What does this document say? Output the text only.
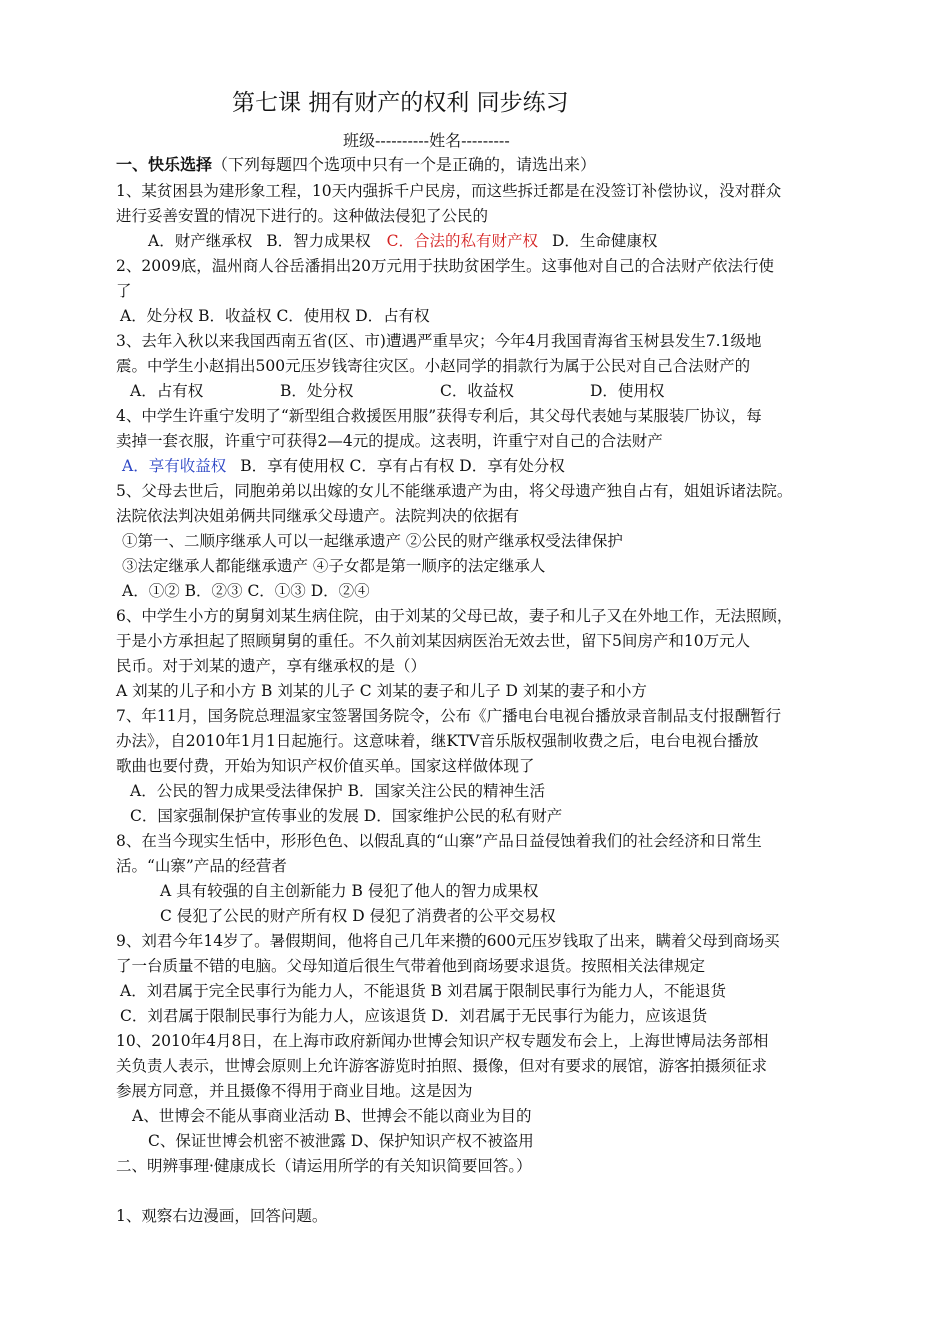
第七课 拥有财产的权利 同步练习
班级----------姓名---------
一、快乐选择（下列每题四个选项中只有一个是正确的，请选出来）
1、某贫困县为建形象工程，10天内强拆千户民房，而这些拆迁都是在没签订补偿协议，没对群众
进行妥善安置的情况下进行的。这种做法侵犯了公民的
A．财产继承权 B．智力成果权 C．合法的私有财产权 D．生命健康权
2、2009底，温州商人谷岳潘捐出20万元用于扶助贫困学生。这事他对自己的合法财产依法行使
了
A．处分权 B．收益权 C．使用权 D．占有权
3、去年入秋以来我国西南五省(区、市)遭遇严重旱灾；今年4月我国青海省玉树县发生7.1级地
震。中学生小赵捐出500元压岁钱寄往灾区。小赵同学的捐款行为属于公民对自己合法财产的
A．占有权	B．处分权	C．收益权	D．使用权
4、中学生许重宁发明了“新型组合救援医用服”获得专利后，其父母代表她与某服装厂协议，每
卖掉一套衣服，许重宁可获得2—4元的提成。这表明，许重宁对自己的合法财产
A．享有收益权 B．享有使用权 C．享有占有权 D．享有处分权
5、父母去世后，同胞弟弟以出嫁的女儿不能继承遗产为由，将父母遗产独自占有，姐姐诉诸法院。
法院依法判决姐弟俩共同继承父母遗产。法院判决的依据有
①第一、二顺序继承人可以一起继承遗产 ②公民的财产继承权受法律保护
③法定继承人都能继承遗产 ④子女都是第一顺序的法定继承人
A．①② B．②③ C．①③ D．②④
6、中学生小方的舅舅刘某生病住院，由于刘某的父母已故，妻子和儿子又在外地工作，无法照顾，
于是小方承担起了照顾舅舅的重任。不久前刘某因病医治无效去世，留下5间房产和10万元人
民币。对于刘某的遗产，享有继承权的是（）
A 刘某的儿子和小方 B 刘某的儿子 C 刘某的妻子和儿子 D 刘某的妻子和小方
7、年11月，国务院总理温家宝签署国务院令，公布《广播电台电视台播放录音制品支付报酬暂行
办法》，自2010年1月1日起施行。这意味着，继KTV音乐版权强制收费之后，电台电视台播放
歌曲也要付费，开始为知识产权价值买单。国家这样做体现了
A．公民的智力成果受法律保护 B．国家关注公民的精神生活
C．国家强制保护宣传事业的发展 D．国家维护公民的私有财产
8、在当今现实生恬中，形形色色、以假乱真的“山寨”产品日益侵蚀着我们的社会经济和日常生
活。“山寨”产品的经营者
A 具有较强的自主创新能力 B 侵犯了他人的智力成果权
C 侵犯了公民的财产所有权 D 侵犯了消费者的公平交易权
9、刘君今年14岁了。暑假期间，他将自己几年来攒的600元压岁钱取了出来，瞒着父母到商场买
了一台质量不错的电脑。父母知道后很生气带着他到商场要求退货。按照相关法律规定
A．刘君属于完全民事行为能力人，不能退货 B 刘君属于限制民事行为能力人，不能退货
C．刘君属于限制民事行为能力人，应该退货 D．刘君属于无民事行为能力，应该退货
10、2010年4月8日，在上海市政府新闻办世博会知识产权专题发布会上，上海世博局法务部相
关负责人表示，世博会原则上允许游客游览时拍照、摄像，但对有要求的展馆，游客拍摄须征求
参展方同意，并且摄像不得用于商业目地。这是因为
A、世博会不能从事商业活动 B、世搏会不能以商业为目的
C、保证世博会机密不被泄露 D、保护知识产权不被盗用
二、明辨事理·健康成长（请运用所学的有关知识简要回答。）
1、观察右边漫画，回答问题。
